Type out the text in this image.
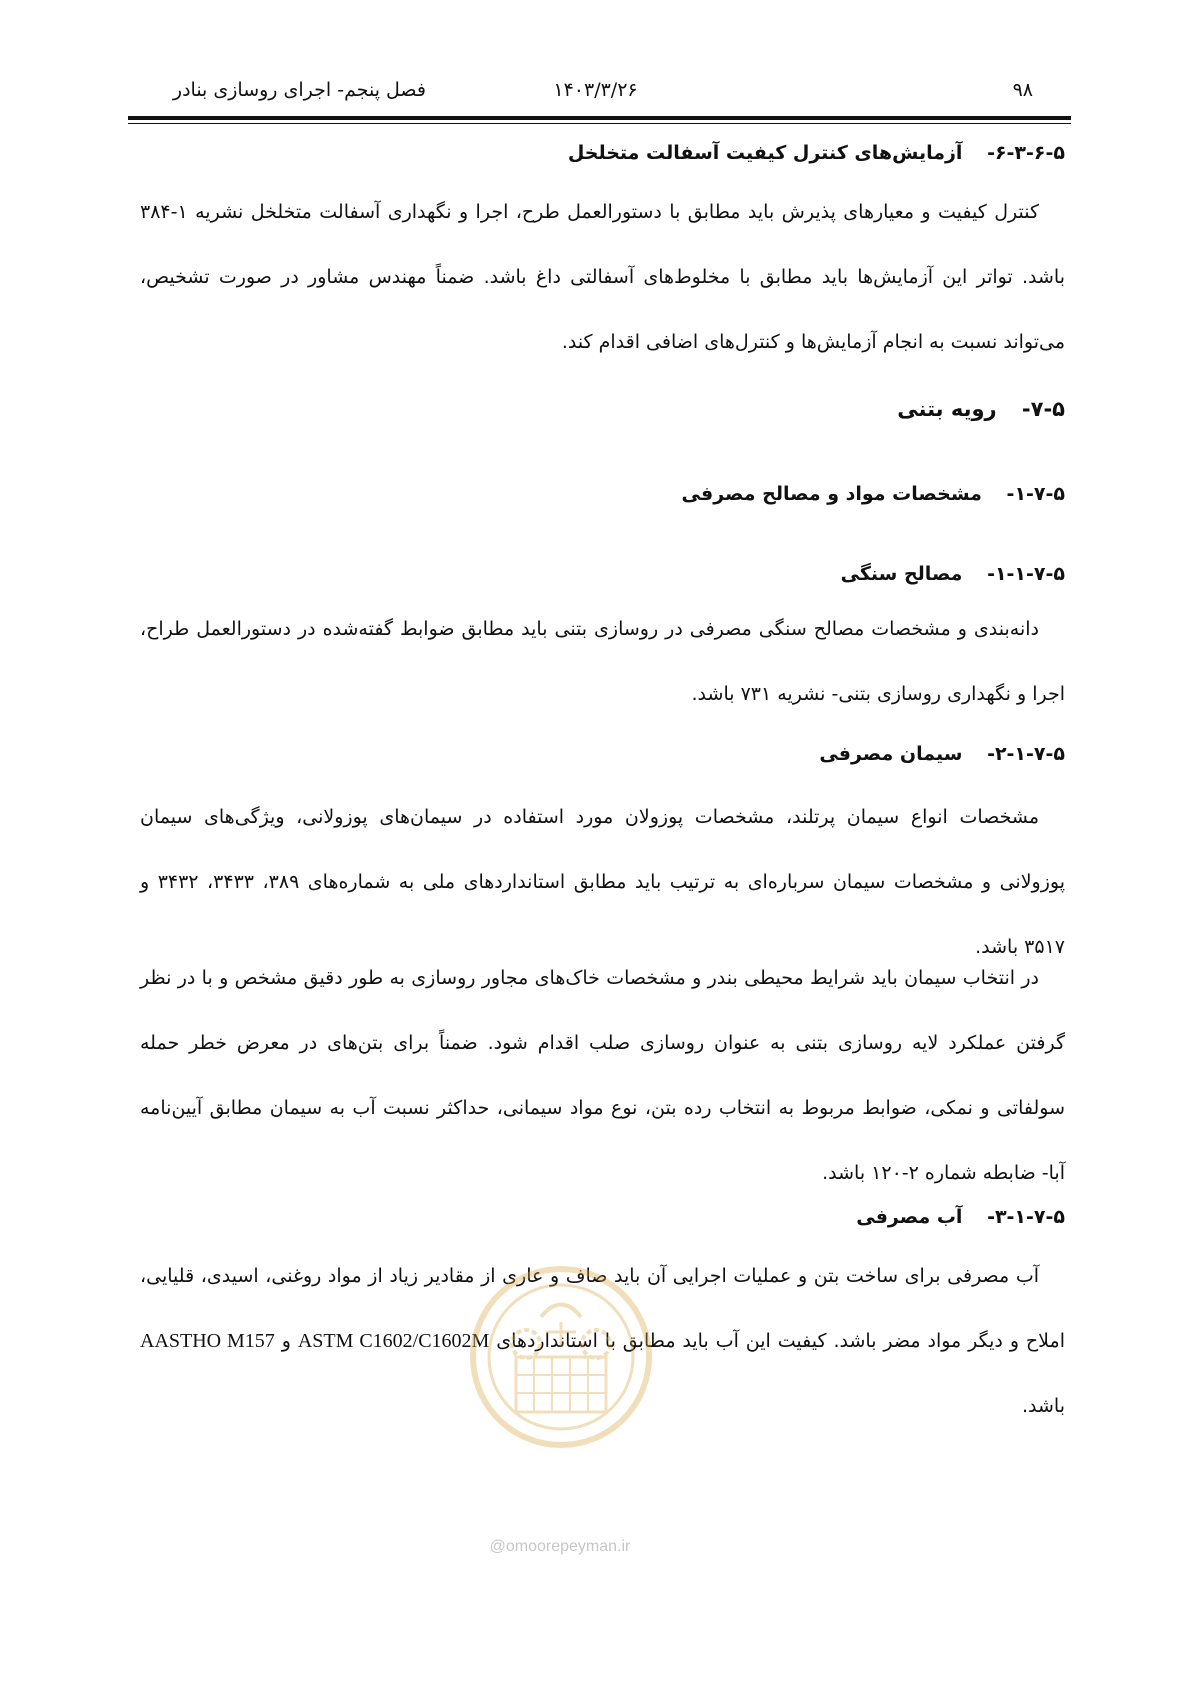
فصل پنجم- اجرای روسازی بنادر	۱۴۰۳/۳/۲۶	۹۸
۶-۳-۶-۵- آزمایش‌های کنترل کیفیت آسفالت متخلخل
کنترل کیفیت و معیارهای پذیرش باید مطابق با دستورالعمل طرح، اجرا و نگهداری آسفالت متخلخل نشریه ۱-۳۸۴ باشد. تواتر این آزمایش‌ها باید مطابق با مخلوط‌های آسفالتی داغ باشد. ضمناً مهندس مشاور در صورت تشخیص، می‌تواند نسبت به انجام آزمایش‌ها و کنترل‌های اضافی اقدام کند.
۷-۵- رویه بتنی
۱-۷-۵- مشخصات مواد و مصالح مصرفی
۱-۱-۷-۵- مصالح سنگی
دانه‌بندی و مشخصات مصالح سنگی مصرفی در روسازی بتنی باید مطابق ضوابط گفته‌شده در دستورالعمل طراح، اجرا و نگهداری روسازی بتنی- نشریه ۷۳۱ باشد.
۲-۱-۷-۵- سیمان مصرفی
مشخصات انواع سیمان پرتلند، مشخصات پوزولان مورد استفاده در سیمان‌های پوزولانی، ویژگی‌های سیمان پوزولانی و مشخصات سیمان سرباره‌ای به ترتیب باید مطابق استانداردهای ملی به شماره‌های ۳۸۹، ۳۴۳۳، ۳۴۳۲ و ۳۵۱۷ باشد.
در انتخاب سیمان باید شرایط محیطی بندر و مشخصات خاک‌های مجاور روسازی به طور دقیق مشخص و با در نظر گرفتن عملکرد لایه روسازی بتنی به عنوان روسازی صلب اقدام شود. ضمناً برای بتن‌های در معرض خطر حمله سولفاتی و نمکی، ضوابط مربوط به انتخاب رده بتن، نوع مواد سیمانی، حداکثر نسبت آب به سیمان مطابق آیین‌نامه آبا- ضابطه شماره ۲-۱۲۰ باشد.
۳-۱-۷-۵- آب مصرفی
آب مصرفی برای ساخت بتن و عملیات اجرایی آن باید صاف و عاری از مقادیر زیاد از مواد روغنی، اسیدی، قلیایی، املاح و دیگر مواد مضر باشد. کیفیت این آب باید مطابق با استانداردهای ASTM C1602/C1602M و AASTHO M157 باشد.
@omoorepeyman.ir
